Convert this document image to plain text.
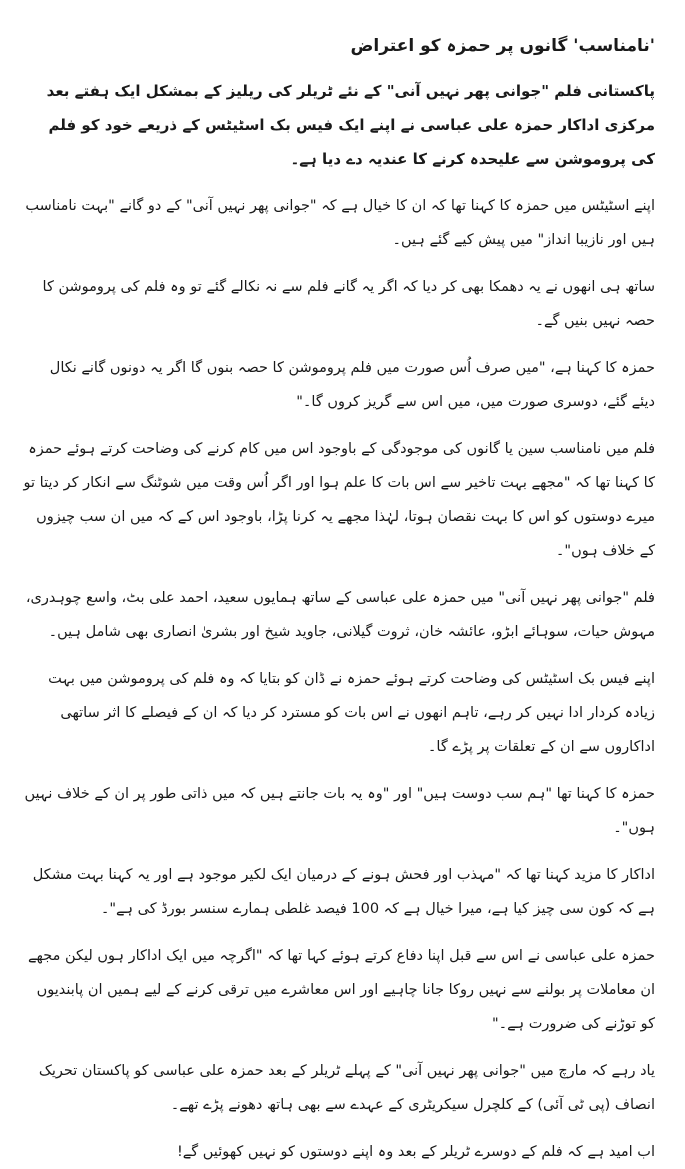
'نامناسب' گانوں پر حمزہ کو اعتراض

پاکستانی فلم "جوانی پھر نہیں آنی" کے نئے ٹریلر کی ریلیز کے بمشکل ایک ہفتے بعد مرکزی اداکار حمزہ علی عباسی نے اپنے ایک فیس بک اسٹیٹس کے ذریعے خود کو فلم کی پروموشن سے علیحدہ کرنے کا عندیہ دے دیا ہے۔

اپنے اسٹیٹس میں حمزہ کا کہنا تھا کہ ان کا خیال ہے کہ "جوانی پھر نہیں آنی" کے دو گانے "بہت نامناسب ہیں اور نازیبا انداز" میں پیش کیے گئے ہیں۔

ساتھ ہی انھوں نے یہ دھمکا بھی کر دیا کہ اگر یہ گانے فلم سے نہ نکالے گئے تو وہ فلم کی پروموشن کا حصہ نہیں بنیں گے۔

حمزہ کا کہنا ہے، "میں صرف اُس صورت میں فلم پروموشن کا حصہ بنوں گا اگر یہ دونوں گانے نکال دیئے گئے، دوسری صورت میں، میں اس سے گریز کروں گا۔"

فلم میں نامناسب سین یا گانوں کی موجودگی کے باوجود اس میں کام کرنے کی وضاحت کرتے ہوئے حمزہ کا کہنا تھا کہ "مجھے بہت تاخیر سے اس بات کا علم ہوا اور اگر اُس وقت میں شوٹنگ سے انکار کر دیتا تو میرے دوستوں کو اس کا بہت نقصان ہوتا، لہٰذا مجھے یہ کرنا پڑا، باوجود اس کے کہ میں ان سب چیزوں کے خلاف ہوں"۔

فلم "جوانی پھر نہیں آنی" میں حمزہ علی عباسی کے ساتھ ہمایوں سعید، احمد علی بٹ، واسع چوہدری، مہوش حیات، سوہائے ابڑو، عائشہ خان، ثروت گیلانی، جاوید شیخ اور بشریٰ انصاری بھی شامل ہیں۔

اپنے فیس بک اسٹیٹس کی وضاحت کرتے ہوئے حمزہ نے ڈان کو بتایا کہ وہ فلم کی پروموشن میں بہت زیادہ کردار ادا نہیں کر رہے، تاہم انھوں نے اس بات کو مسترد کر دیا کہ ان کے فیصلے کا اثر ساتھی اداکاروں سے ان کے تعلقات پر پڑے گا۔

حمزہ کا کہنا تھا "ہم سب دوست ہیں" اور "وہ یہ بات جانتے ہیں کہ میں ذاتی طور پر ان کے خلاف نہیں ہوں"۔

اداکار کا مزید کہنا تھا کہ "مہذب اور فحش ہونے کے درمیان ایک لکیر موجود ہے اور یہ کہنا بہت مشکل ہے کہ کون سی چیز کیا ہے، میرا خیال ہے کہ 100 فیصد غلطی ہمارے سنسر بورڈ کی ہے"۔

حمزہ علی عباسی نے اس سے قبل اپنا دفاع کرتے ہوئے کہا تھا کہ "اگرچہ میں ایک اداکار ہوں لیکن مجھے ان معاملات پر بولنے سے نہیں روکا جانا چاہیے اور اس معاشرے میں ترقی کرنے کے لیے ہمیں ان پابندیوں کو توڑنے کی ضرورت ہے۔"

یاد رہے کہ مارچ میں "جوانی پھر نہیں آنی" کے پہلے ٹریلر کے بعد حمزہ علی عباسی کو پاکستان تحریک انصاف (پی ٹی آئی) کے کلچرل سیکریٹری کے عہدے سے بھی ہاتھ دھونے پڑے تھے۔

اب امید ہے کہ فلم کے دوسرے ٹریلر کے بعد وہ اپنے دوستوں کو نہیں کھوئیں گے!
